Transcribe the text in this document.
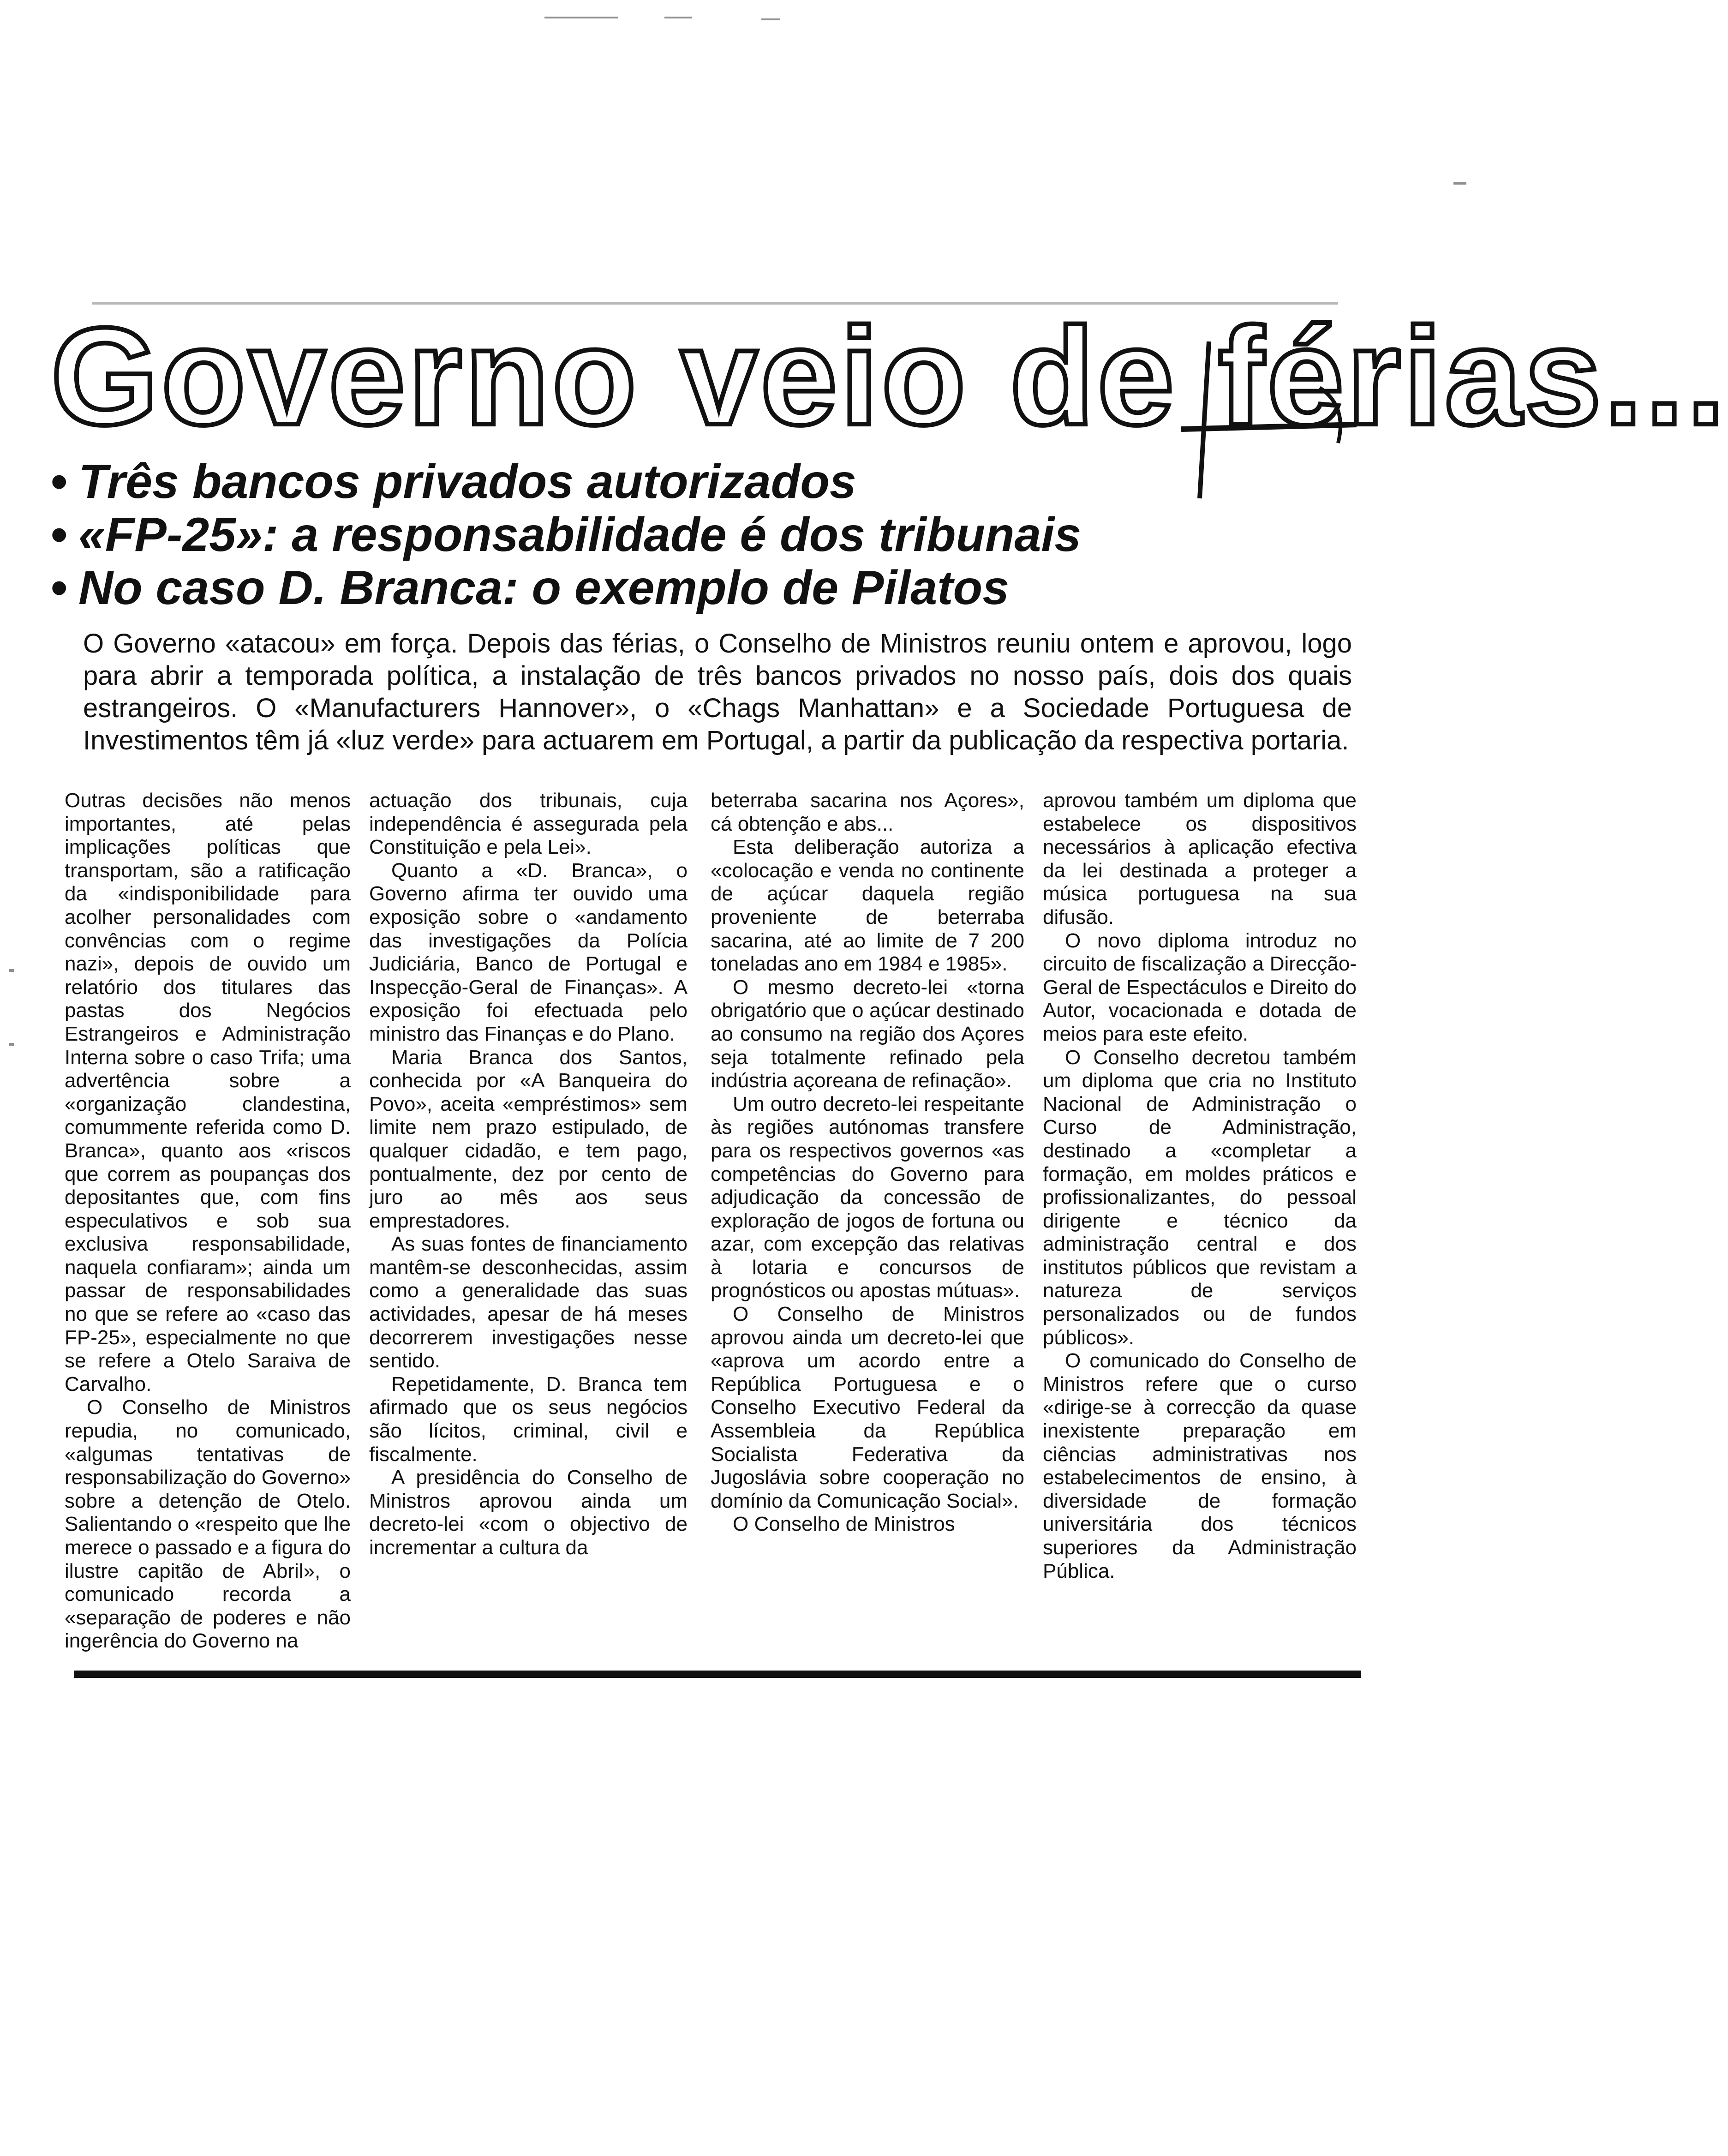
Governo veio de férias...
• Três bancos privados autorizados
• «FP-25»: a responsabilidade é dos tribunais
• No caso D. Branca: o exemplo de Pilatos
O Governo «atacou» em força. Depois das férias, o Conselho de Ministros reuniu ontem e aprovou, logo para abrir a temporada política, a instalação de três bancos privados no nosso país, dois dos quais estrangeiros. O «Manufacturers Hannover», o «Chags Manhattan» e a Sociedade Portuguesa de Investimentos têm já «luz verde» para actuarem em Portugal, a partir da publicação da respectiva portaria.

Outras decisões não menos importantes, até pelas implicações políticas que transportam, são a ratificação da «indisponibilidade para acolher personalidades com convências com o regime nazi», depois de ouvido um relatório dos titulares das pastas dos Negócios Estrangeiros e Administração Interna sobre o caso Trifa; uma advertência sobre a «organização clandestina, comummente referida como D. Branca», quanto aos «riscos que correm as poupanças dos depositantes que, com fins especulativos e sob sua exclusiva responsabilidade, naquela confiaram»; ainda um passar de responsabilidades no que se refere ao «caso das FP-25», especialmente no que se refere a Otelo Saraiva de Carvalho.

O Conselho de Ministros repudia, no comunicado, «algumas tentativas de responsabilização do Governo» sobre a detenção de Otelo. Salientando o «respeito que lhe merece o passado e a figura do ilustre capitão de Abril», o comunicado recorda a «separação de poderes e não ingerência do Governo na

actuação dos tribunais, cuja independência é assegurada pela Constituição e pela Lei».

Quanto a «D. Branca», o Governo afirma ter ouvido uma exposição sobre o «andamento das investigações da Polícia Judiciária, Banco de Portugal e Inspecção-Geral de Finanças». A exposição foi efectuada pelo ministro das Finanças e do Plano.

Maria Branca dos Santos, conhecida por «A Banqueira do Povo», aceita «empréstimos» sem limite nem prazo estipulado, de qualquer cidadão, e tem pago, pontualmente, dez por cento de juro ao mês aos seus emprestadores.

As suas fontes de financiamento mantêm-se desconhecidas, assim como a generalidade das suas actividades, apesar de há meses decorrerem investigações nesse sentido.

Repetidamente, D. Branca tem afirmado que os seus negócios são lícitos, criminal, civil e fiscalmente.

A presidência do Conselho de Ministros aprovou ainda um decreto-lei «com o objectivo de incrementar a cultura da

beterraba sacarina nos Açores», cá obtenção e abs...

Esta deliberação autoriza a «colocação e venda no continente de açúcar daquela região proveniente de beterraba sacarina, até ao limite de 7 200 toneladas ano em 1984 e 1985».

O mesmo decreto-lei «torna obrigatório que o açúcar destinado ao consumo na região dos Açores seja totalmente refinado pela indústria açoreana de refinação».

Um outro decreto-lei respeitante às regiões autónomas transfere para os respectivos governos «as competências do Governo para adjudicação da concessão de exploração de jogos de fortuna ou azar, com excepção das relativas à lotaria e concursos de prognósticos ou apostas mútuas».

O Conselho de Ministros aprovou ainda um decreto-lei que «aprova um acordo entre a República Portuguesa e o Conselho Executivo Federal da Assembleia da República Socialista Federativa da Jugoslávia sobre cooperação no domínio da Comunicação Social».

O Conselho de Ministros

aprovou também um diploma que estabelece os dispositivos necessários à aplicação efectiva da lei destinada a proteger a música portuguesa na sua difusão.

O novo diploma introduz no circuito de fiscalização a Direcção-Geral de Espectáculos e Direito do Autor, vocacionada e dotada de meios para este efeito.

O Conselho decretou também um diploma que cria no Instituto Nacional de Administração o Curso de Administração, destinado a «completar a formação, em moldes práticos e profissionalizantes, do pessoal dirigente e técnico da administração central e dos institutos públicos que revistam a natureza de serviços personalizados ou de fundos públicos».

O comunicado do Conselho de Ministros refere que o curso «dirige-se à correcção da quase inexistente preparação em ciências administrativas nos estabelecimentos de ensino, à diversidade de formação universitária dos técnicos superiores da Administração Pública.
